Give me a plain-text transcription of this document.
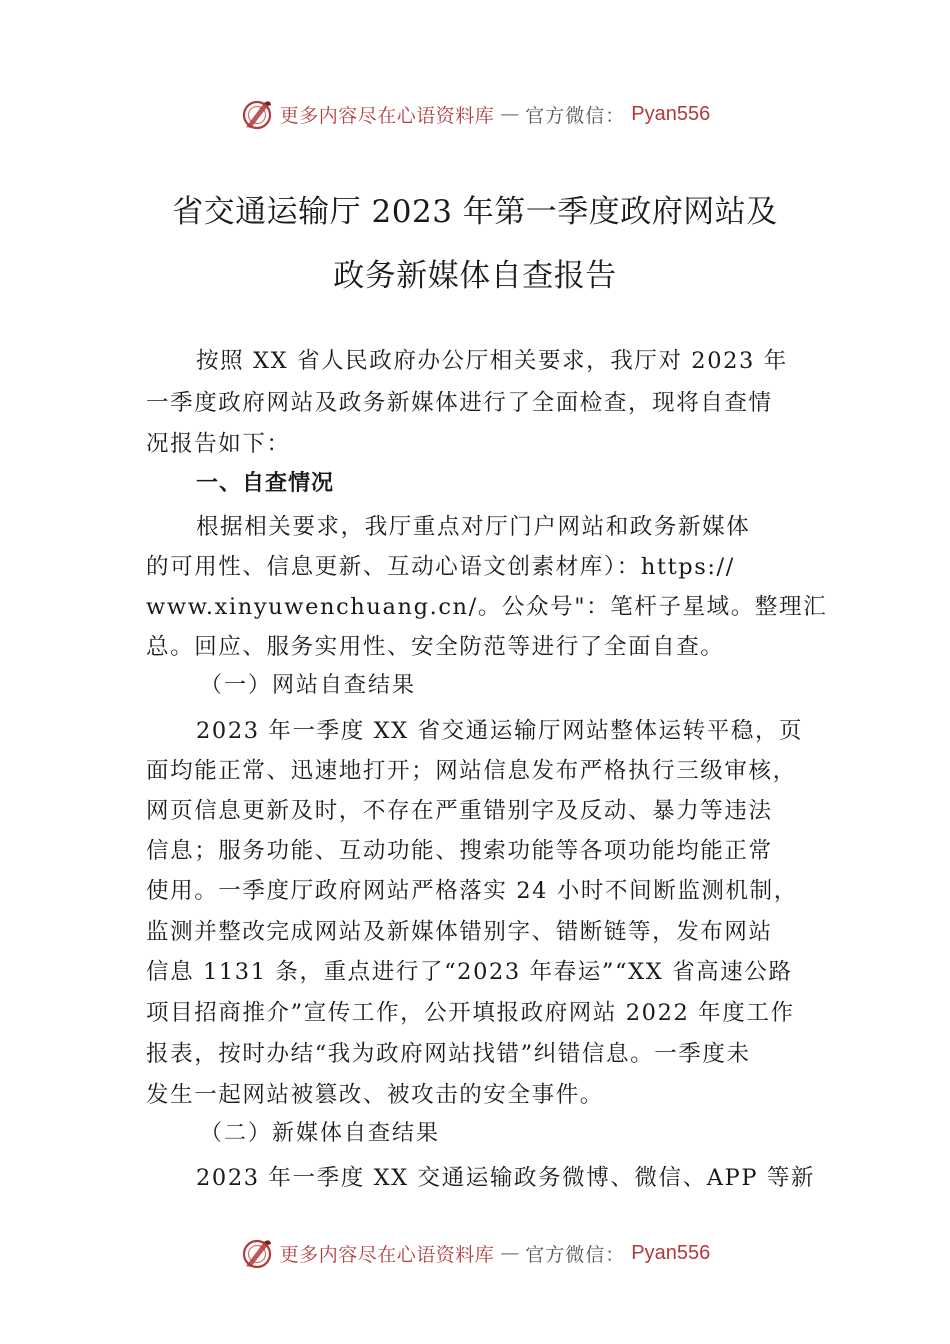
更多内容尽在心语资料库 — 官方微信： Pyan556
省交通运输厅 2023 年第一季度政府网站及
政务新媒体自查报告
按照 XX 省人民政府办公厅相关要求，我厅对 2023 年
一季度政府网站及政务新媒体进行了全面检查，现将自查情
况报告如下：
一、自查情况
根据相关要求，我厅重点对厅门户网站和政务新媒体
的可用性、信息更新、互动心语文创素材库）：https://
www.xinyuwenchuang.cn/。公众号"：笔杆子星域。整理汇
总。回应、服务实用性、安全防范等进行了全面自查。
（一）网站自查结果
2023 年一季度 XX 省交通运输厅网站整体运转平稳，页
面均能正常、迅速地打开；网站信息发布严格执行三级审核，
网页信息更新及时，不存在严重错别字及反动、暴力等违法
信息；服务功能、互动功能、搜索功能等各项功能均能正常
使用。一季度厅政府网站严格落实 24 小时不间断监测机制，
监测并整改完成网站及新媒体错别字、错断链等，发布网站
信息 1131 条，重点进行了“2023 年春运”“XX 省高速公路
项目招商推介”宣传工作，公开填报政府网站 2022 年度工作
报表，按时办结“我为政府网站找错”纠错信息。一季度未
发生一起网站被篡改、被攻击的安全事件。
（二）新媒体自查结果
2023 年一季度 XX 交通运输政务微博、微信、APP 等新
更多内容尽在心语资料库 — 官方微信： Pyan556
